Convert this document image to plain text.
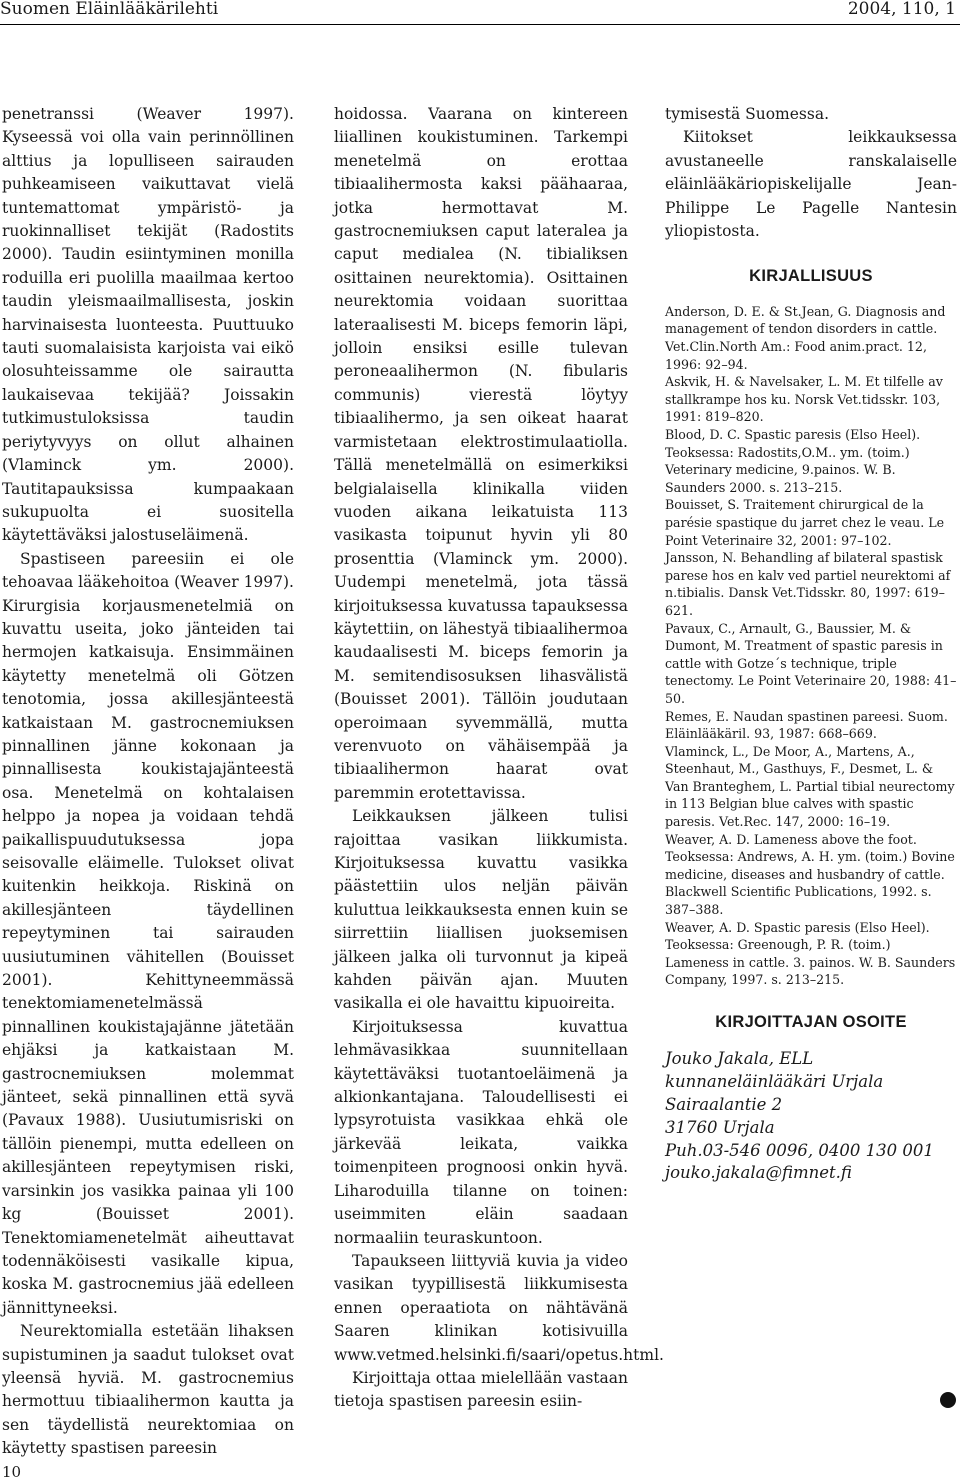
Suomen Eläinlääkärilehti	2004, 110, 1

penetranssi (Weaver 1997). Kyseessä voi olla vain perinnöllinen alttius ja lopulliseen sairauden puhkeamiseen vaikuttavat vielä tuntemattomat ympäristö- ja ruokinnalliset tekijät (Radostits 2000). Taudin esiintyminen monilla roduilla eri puolilla maailmaa kertoo taudin yleismaailmallisesta, joskin harvinaisesta luonteesta. Puuttuuko tauti suomalaisista karjoista vai eikö olosuhteissamme ole sairautta laukaisevaa tekijää? Joissakin tutkimustuloksissa taudin periytyvyys on ollut alhainen (Vlaminck ym. 2000). Tautitapauksissa kumpaakaan sukupuolta ei suositella käytettäväksi jalostuseläimenä.

Spastiseen pareesiin ei ole tehoavaa lääkehoitoa (Weaver 1997). Kirurgisia korjausmenetelmiä on kuvattu useita, joko jänteiden tai hermojen katkaisuja. Ensimmäinen käytetty menetelmä oli Götzen tenotomia, jossa akillesjänteestä katkaistaan M. gastrocnemiuksen pinnallinen jänne kokonaan ja pinnallisesta koukistajajänteestä osa. Menetelmä on kohtalaisen helppo ja nopea ja voidaan tehdä paikallispuudutuksessa jopa seisovalle eläimelle. Tulokset olivat kuitenkin heikkoja. Riskinä on akillesjänteen täydellinen repeytyminen tai sairauden uusiutuminen vähitellen (Bouisset 2001). Kehittyneemmässä tenektomiamenetelmässä pinnallinen koukistajajänne jätetään ehjäksi ja katkaistaan M. gastrocnemiuksen molemmat jänteet, sekä pinnallinen että syvä (Pavaux 1988). Uusiutumisriski on tällöin pienempi, mutta edelleen on akillesjänteen repeytymisen riski, varsinkin jos vasikka painaa yli 100 kg (Bouisset 2001). Tenektomiamenetelmät aiheuttavat todennäköisesti vasikalle kipua, koska M. gastrocnemius jää edelleen jännittyneeksi.

Neurektomialla estetään lihaksen supistuminen ja saadut tulokset ovat yleensä hyviä. M. gastrocnemius hermottuu tibiaalihermon kautta ja sen täydellistä neurektomiaa on käytetty spastisen pareesin

hoidossa. Vaarana on kintereen liiallinen koukistuminen. Tarkempi menetelmä on erottaa tibiaalihermosta kaksi päähaaraa, jotka hermottavat M. gastrocnemiuksen caput lateralea ja caput medialea (N. tibialiksen osittainen neurektomia). Osittainen neurektomia voidaan suorittaa lateraalisesti M. biceps femorin läpi, jolloin ensiksi esille tulevan peroneaalihermon (N. fibularis communis) vierestä löytyy tibiaalihermo, ja sen oikeat haarat varmistetaan elektrostimulaatiolla. Tällä menetelmällä on esimerkiksi belgialaisella klinikalla viiden vuoden aikana leikatuista 113 vasikasta toipunut hyvin yli 80 prosenttia (Vlaminck ym. 2000). Uudempi menetelmä, jota tässä kirjoituksessa kuvatussa tapauksessa käytettiin, on lähestyä tibiaalihermoa kaudaalisesti M. biceps femorin ja M. semitendisosuksen lihasvälistä (Bouisset 2001). Tällöin joudutaan operoimaan syvemmällä, mutta verenvuoto on vähäisempää ja tibiaalihermon haarat ovat paremmin erotettavissa.

Leikkauksen jälkeen tulisi rajoittaa vasikan liikkumista. Kirjoituksessa kuvattu vasikka päästettiin ulos neljän päivän kuluttua leikkauksesta ennen kuin se siirrettiin liiallisen juoksemisen jälkeen jalka oli turvonnut ja kipeä kahden päivän ajan. Muuten vasikalla ei ole havaittu kipuoireita.

Kirjoituksessa kuvattua lehmävasikkaa suunnitellaan käytettäväksi tuotantoeläimenä ja alkionkantajana. Taloudellisesti ei lypsyrotuista vasikkaa ehkä ole järkevää leikata, vaikka toimenpiteen prognoosi onkin hyvä. Liharoduilla tilanne on toinen: useimmiten eläin saadaan normaaliin teuraskuntoon.

Tapaukseen liittyviä kuvia ja video vasikan tyypillisestä liikkumisesta ennen operaatiota on nähtävänä Saaren klinikan kotisivuilla www.vetmed.helsinki.fi/saari/opetus.html.

Kirjoittaja ottaa mielellään vastaan tietoja spastisen pareesin esiin-

tymisestä Suomessa.

Kiitokset leikkauksessa avustaneelle ranskalaiselle eläinlääkäriopiskelijalle Jean-Philippe Le Pagelle Nantesin yliopistosta.

KIRJALLISUUS

Anderson, D. E. & St.Jean, G. Diagnosis and management of tendon disorders in cattle. Vet.Clin.North Am.: Food anim.pract. 12, 1996: 92–94.

Askvik, H. & Navelsaker, L. M. Et tilfelle av stallkrampe hos ku. Norsk Vet.tidsskr. 103, 1991: 819–820.

Blood, D. C. Spastic paresis (Elso Heel). Teoksessa: Radostits,O.M.. ym. (toim.) Veterinary medicine, 9.painos. W. B. Saunders 2000. s. 213–215.

Bouisset, S. Traitement chirurgical de la parésie spastique du jarret chez le veau. Le Point Veterinaire 32, 2001: 97–102.

Jansson, N. Behandling af bilateral spastisk parese hos en kalv ved partiel neurektomi af n.tibialis. Dansk Vet.Tidsskr. 80, 1997: 619–621.

Pavaux, C., Arnault, G., Baussier, M. & Dumont, M. Treatment of spastic paresis in cattle with Gotze´s technique, triple tenectomy. Le Point Veterinaire 20, 1988: 41–50.

Remes, E. Naudan spastinen pareesi. Suom. Eläinlääkäril. 93, 1987: 668–669.

Vlaminck, L., De Moor, A., Martens, A., Steenhaut, M., Gasthuys, F., Desmet, L. & Van Branteghem, L. Partial tibial neurectomy in 113 Belgian blue calves with spastic paresis. Vet.Rec. 147, 2000: 16–19.

Weaver, A. D. Lameness above the foot. Teoksessa: Andrews, A. H. ym. (toim.) Bovine medicine, diseases and husbandry of cattle. Blackwell Scientific Publications, 1992. s. 387–388.

Weaver, A. D. Spastic paresis (Elso Heel). Teoksessa: Greenough, P. R. (toim.) Lameness in cattle. 3. painos. W. B. Saunders Company, 1997. s. 213–215.

KIRJOITTAJAN OSOITE
Jouko Jakala, ELL
kunnaneläinlääkäri Urjala
Sairaalantie 2
31760 Urjala
Puh.03-546 0096, 0400 130 001
jouko.jakala@fimnet.fi
10
